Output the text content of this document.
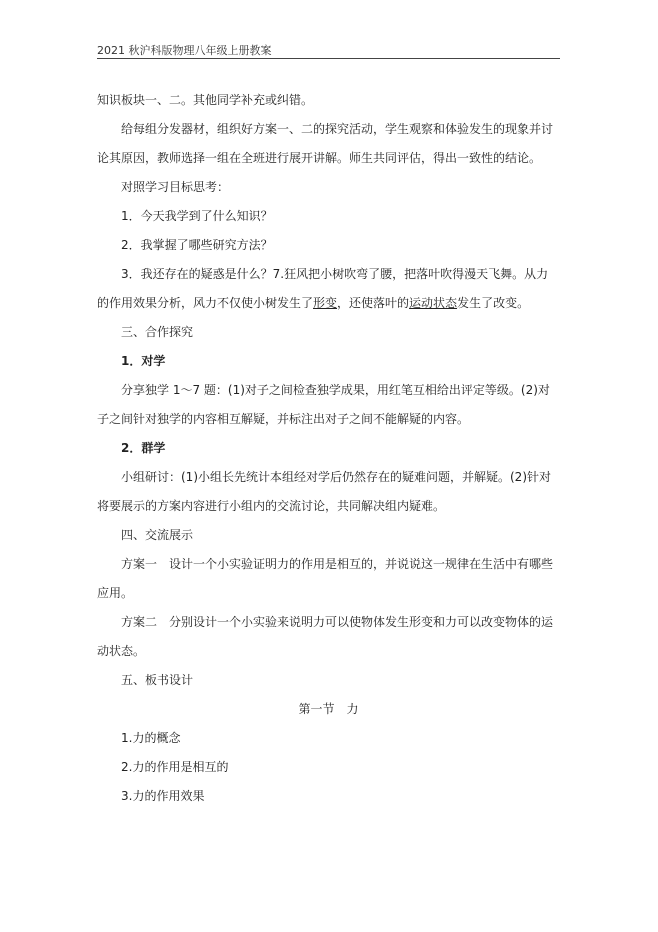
2021 秋沪科版物理八年级上册教案

知识板块一、二。其他同学补充或纠错。

给每组分发器材，组织好方案一、二的探究活动，学生观察和体验发生的现象并讨论其原因，教师选择一组在全班进行展开讲解。师生共同评估，得出一致性的结论。

对照学习目标思考：

1．今天我学到了什么知识？

2．我掌握了哪些研究方法？

3．我还存在的疑惑是什么？7.狂风把小树吹弯了腰，把落叶吹得漫天飞舞。从力的作用效果分析，风力不仅使小树发生了形变，还使落叶的运动状态发生了改变。

三、合作探究

1．对学

分享独学 1～7 题：(1)对子之间检查独学成果，用红笔互相给出评定等级。(2)对子之间针对独学的内容相互解疑，并标注出对子之间不能解疑的内容。

2．群学

小组研讨：(1)小组长先统计本组经对学后仍然存在的疑难问题，并解疑。(2)针对将要展示的方案内容进行小组内的交流讨论，共同解决组内疑难。

四、交流展示

方案一　设计一个小实验证明力的作用是相互的，并说说这一规律在生活中有哪些应用。

方案二　分别设计一个小实验来说明力可以使物体发生形变和力可以改变物体的运动状态。

五、板书设计

第一节　力

1.力的概念

2.力的作用是相互的

3.力的作用效果
